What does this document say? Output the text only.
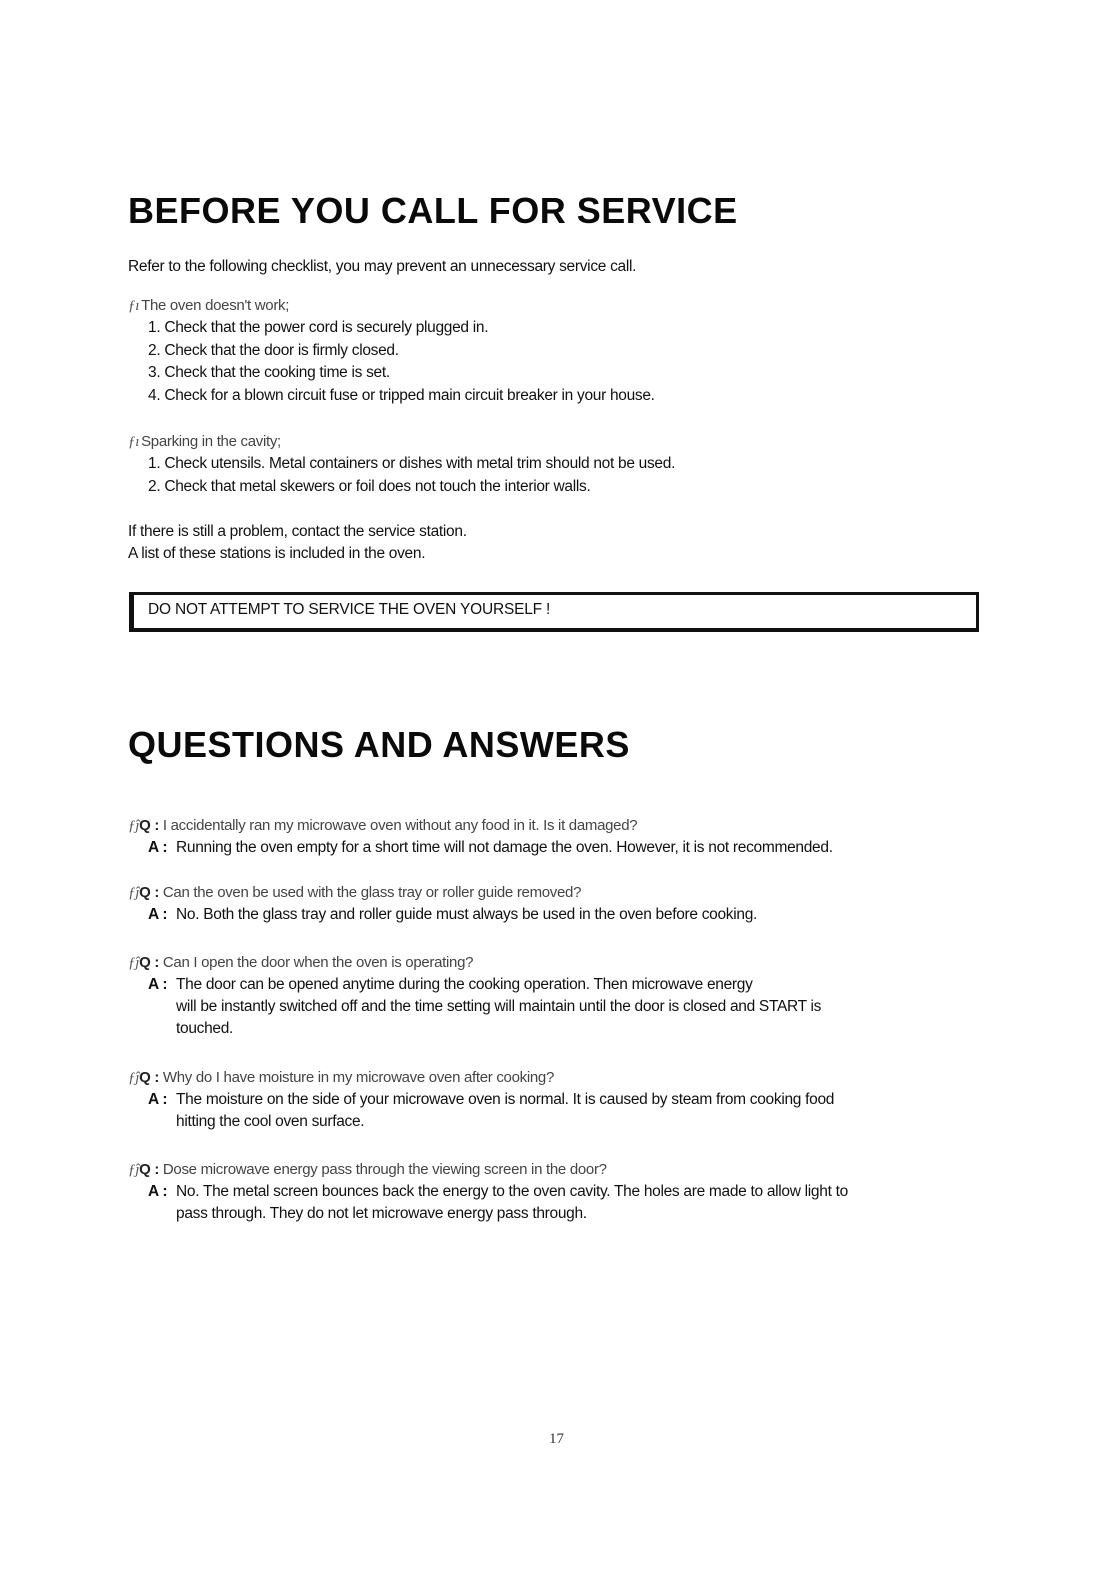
BEFORE YOU CALL FOR SERVICE
Refer to the following checklist, you may prevent an unnecessary service call.
ƒı The oven doesn't work;
1. Check that the power cord is securely plugged in.
2. Check that the door is firmly closed.
3. Check that the cooking time is set.
4. Check for a blown circuit fuse or tripped main circuit breaker in your house.
ƒı Sparking in the cavity;
1. Check utensils. Metal containers or dishes with metal trim should not be used.
2. Check that metal skewers or foil does not touch the interior walls.
If there is still a problem, contact the service station.
A list of these stations is included in the oven.
DO NOT ATTEMPT TO SERVICE THE OVEN YOURSELF !
QUESTIONS AND ANSWERS
ƒĵQ : I accidentally ran my microwave oven without any food in it. Is it damaged?
A : Running the oven empty for a short time will not damage the oven. However, it is not recommended.
ƒĵQ : Can the oven be used with the glass tray or roller guide removed?
A : No. Both the glass tray and roller guide must always be used in the oven before cooking.
ƒĵQ : Can I open the door when the oven is operating?
A : The door can be opened anytime during the cooking operation. Then microwave energy
will be instantly switched off and the time setting will maintain until the door is closed and START is
touched.
ƒĵQ : Why do I have moisture in my microwave oven after cooking?
A : The moisture on the side of your microwave oven is normal. It is caused by steam from cooking food
hitting the cool oven surface.
ƒĵQ : Dose microwave energy pass through the viewing screen in the door?
A : No. The metal screen bounces back the energy to the oven cavity. The holes are made to allow light to
pass through. They do not let microwave energy pass through.
17
